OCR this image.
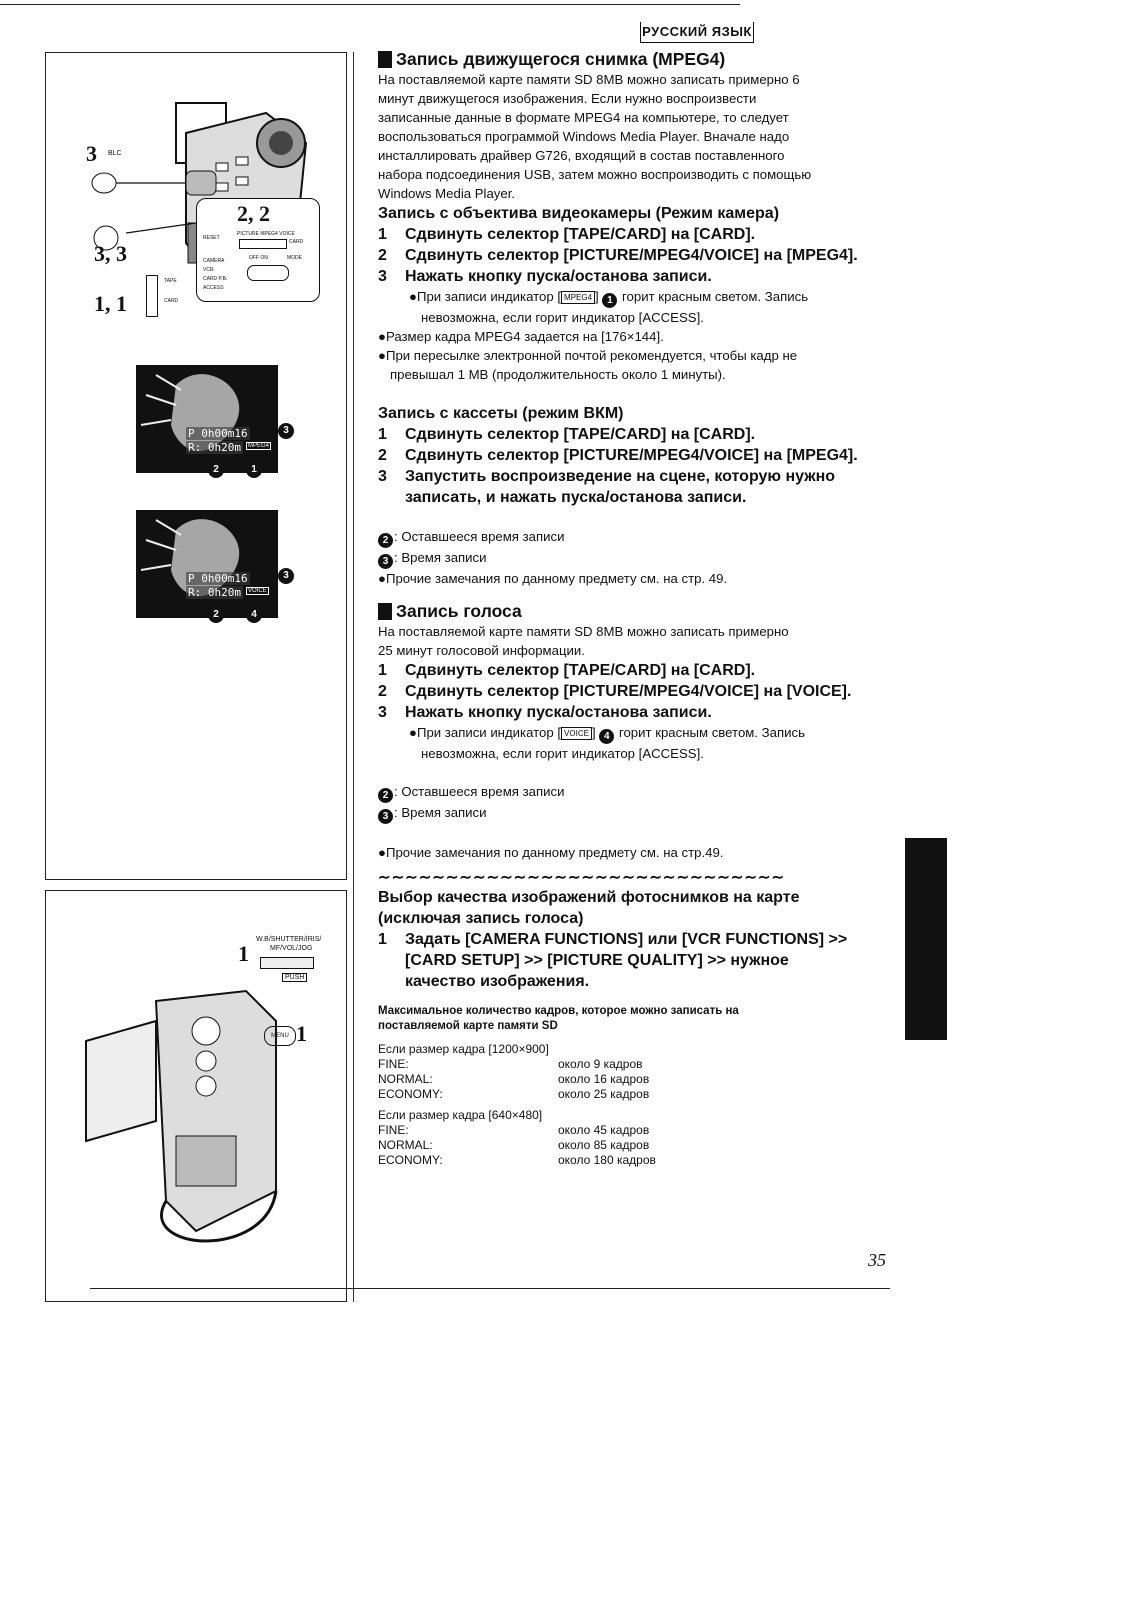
РУССКИЙ ЯЗЫК
3 BLC
3, 3
1, 1
2, 2
PICTURE MPEG4 VOICE
RESET
CARD
CAMERA
VCR
CARD P.B.
ACCESS
OFF ON	MODE
TAPE
CARD
P 0h00m16
R: 0h20m	MPEG4
3
2	1
P 0h00m16
R: 0h20m	VOICE
3
2	4
1
W.B/SHUTTER/IRIS/
MF/VOL/JOG
PUSH
MENU 1
Запись движущегося снимка (MPEG4)

На поставляемой карте памяти SD 8MB можно записать примерно 6

минут движущегося изображения. Если нужно воспроизвести

записанные данные в формате MPEG4 на компьютере, то следует

воспользоваться программой Windows Media Player. Вначале надо

инсталлировать драйвер G726, входящий в состав поставленного

набора подсоединения USB, затем можно воспроизводить с помощью

Windows Media Player.

Запись с объектива видеокамеры (Режим камера)
1	Сдвинуть селектор [TAPE/CARD] на [CARD].
2	Сдвинуть селектор [PICTURE/MPEG4/VOICE] на [MPEG4].
3	Нажать кнопку пуска/останова записи.

●При записи индикатор [ MPEG4 ] 1 горит красным светом. Запись

невозможна, если горит индикатор [ACCESS].

●Размер кадра MPEG4 задается на [176×144].

●При пересылке электронной почтой рекомендуется, чтобы кадр не

превышал 1 MB (продолжительность около 1 минуты).

Запись с кассеты (режим ВКМ)
1	Сдвинуть селектор [TAPE/CARD] на [CARD].
2	Сдвинуть селектор [PICTURE/MPEG4/VOICE] на [MPEG4].
3	Запустить воспроизведение на сцене, которую нужно
записать, и нажать пуска/останова записи.

2 : Оставшееся время записи

3 : Время записи

●Прочие замечания по данному предмету см. на стр. 49.

Запись голоса

На поставляемой карте памяти SD 8MB можно записать примерно

25 минут голосовой информации.

1	Сдвинуть селектор [TAPE/CARD] на [CARD].
2	Сдвинуть селектор [PICTURE/MPEG4/VOICE] на [VOICE].
3	Нажать кнопку пуска/останова записи.

●При записи индикатор [ VOICE ] 4 горит красным светом. Запись

невозможна, если горит индикатор [ACCESS].

2 : Оставшееся время записи

3 : Время записи

●Прочие замечания по данному предмету см. на стр.49.

∼∼∼∼∼∼∼∼∼∼∼∼∼∼∼∼∼∼∼∼∼∼∼∼∼∼∼∼∼∼
Выбор качества изображений фотоснимков на карте
(исключая запись голоса)
1	Задать [CAMERA FUNCTIONS] или [VCR FUNCTIONS] >>
[CARD SETUP] >> [PICTURE QUALITY] >> нужное
качество изображения.
Максимальное количество кадров, которое можно записать на
поставляемой карте памяти SD
Если размер кадра [1200×900]
FINE:	около 9 кадров
NORMAL:	около 16 кадров
ECONOMY:	около 25 кадров
Если размер кадра [640×480]
FINE:	около 45 кадров
NORMAL:	около 85 кадров
ECONOMY:	около 180 кадров
35
